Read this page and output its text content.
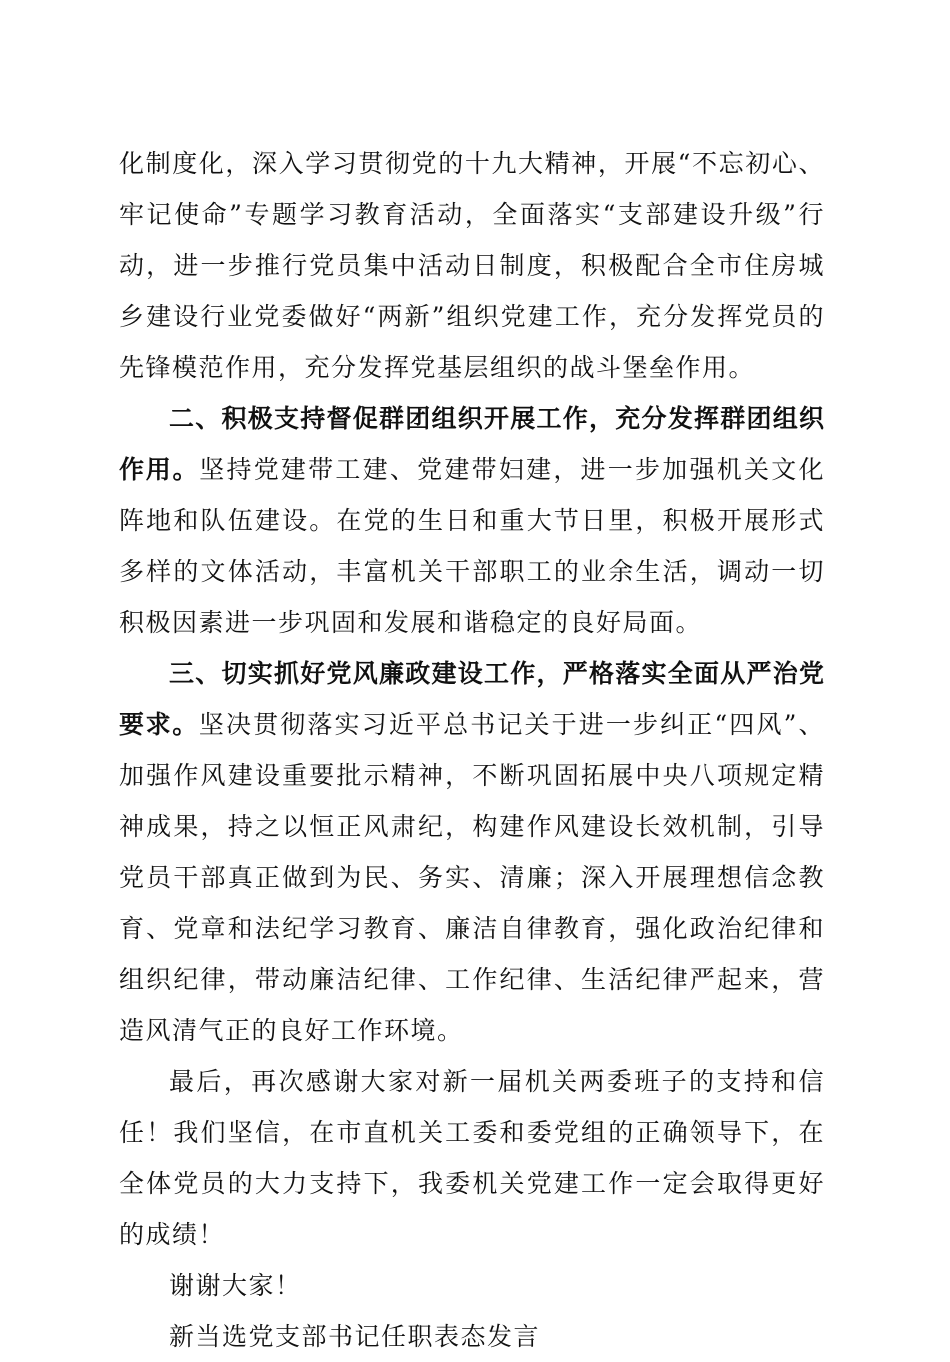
化制度化，深入学习贯彻党的十九大精神，开展“不忘初心、牢记使命”专题学习教育活动，全面落实“支部建设升级”行动，进一步推行党员集中活动日制度，积极配合全市住房城乡建设行业党委做好“两新”组织党建工作，充分发挥党员的先锋模范作用，充分发挥党基层组织的战斗堡垒作用。

二、积极支持督促群团组织开展工作，充分发挥群团组织作用。坚持党建带工建、党建带妇建，进一步加强机关文化阵地和队伍建设。在党的生日和重大节日里，积极开展形式多样的文体活动，丰富机关干部职工的业余生活，调动一切积极因素进一步巩固和发展和谐稳定的良好局面。

三、切实抓好党风廉政建设工作，严格落实全面从严治党要求。坚决贯彻落实习近平总书记关于进一步纠正“四风”、加强作风建设重要批示精神，不断巩固拓展中央八项规定精神成果，持之以恒正风肃纪，构建作风建设长效机制，引导党员干部真正做到为民、务实、清廉；深入开展理想信念教育、党章和法纪学习教育、廉洁自律教育，强化政治纪律和组织纪律，带动廉洁纪律、工作纪律、生活纪律严起来，营造风清气正的良好工作环境。

最后，再次感谢大家对新一届机关两委班子的支持和信任！我们坚信，在市直机关工委和委党组的正确领导下，在全体党员的大力支持下，我委机关党建工作一定会取得更好的成绩！

谢谢大家！

新当选党支部书记任职表态发言
